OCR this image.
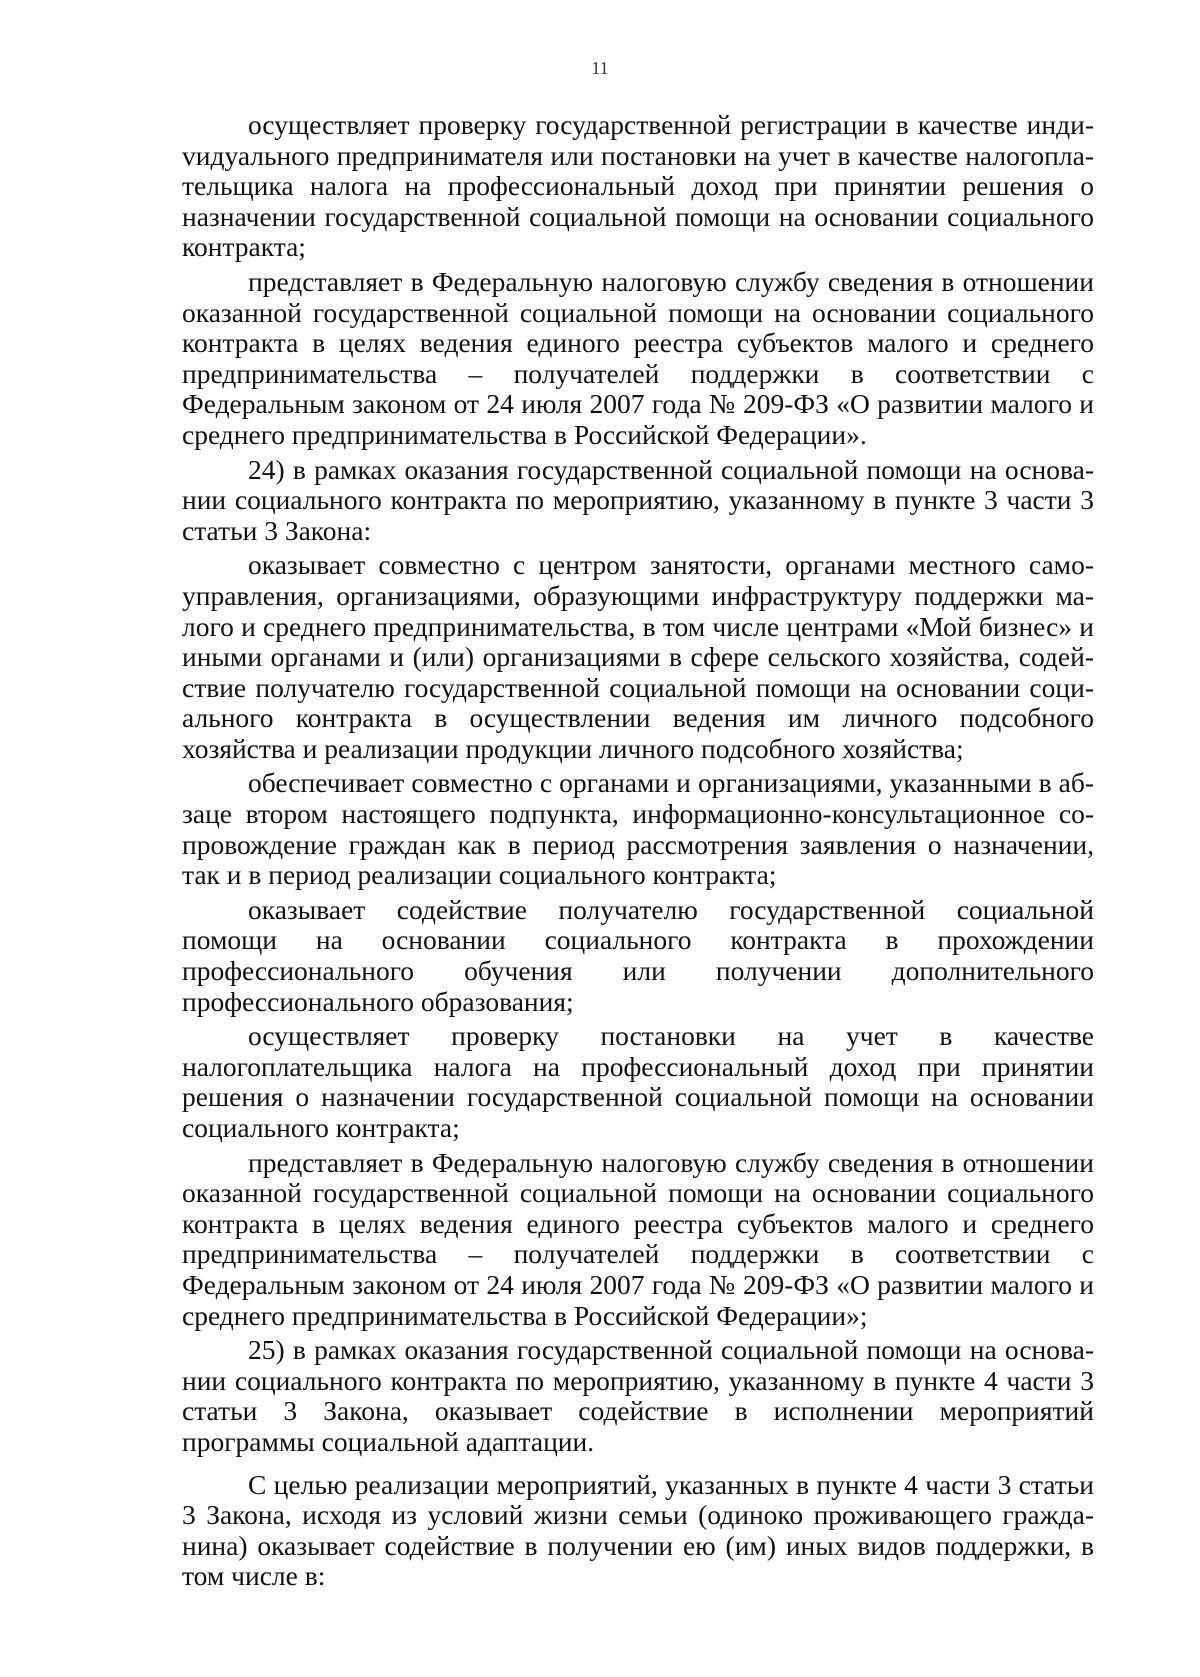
11

осуществляет проверку государственной регистрации в качестве индиvидуального предпринимателя или постановки на учет в качестве налогоплательщика налога на профессиональный доход при принятии решения о назначении государственной социальной помощи на основании социального контракта;

представляет в Федеральную налоговую службу сведения в отношении оказанной государственной социальной помощи на основании социального контракта в целях ведения единого реестра субъектов малого и среднего предпринимательства – получателей поддержки в соответствии с Федеральным законом от 24 июля 2007 года № 209-ФЗ «О развитии малого и среднего предпринимательства в Российской Федерации».

24) в рамках оказания государственной социальной помощи на основании социального контракта по мероприятию, указанному в пункте 3 части 3 статьи 3 Закона:

оказывает совместно с центром занятости, органами местного самоуправления, организациями, образующими инфраструктуру поддержки малого и среднего предпринимательства, в том числе центрами «Мой бизнес» и иными органами и (или) организациями в сфере сельского хозяйства, содействие получателю государственной социальной помощи на основании социального контракта в осуществлении ведения им личного подсобного хозяйства и реализации продукции личного подсобного хозяйства;

обеспечивает совместно с органами и организациями, указанными в абзаце втором настоящего подпункта, информационно-консультационное сопровождение граждан как в период рассмотрения заявления о назначении, так и в период реализации социального контракта;

оказывает содействие получателю государственной социальной помощи на основании социального контракта в прохождении профессионального обучения или получении дополнительного профессионального образования;

осуществляет проверку постановки на учет в качестве налогоплательщика налога на профессиональный доход при принятии решения о назначении государственной социальной помощи на основании социального контракта;

представляет в Федеральную налоговую службу сведения в отношении оказанной государственной социальной помощи на основании социального контракта в целях ведения единого реестра субъектов малого и среднего предпринимательства – получателей поддержки в соответствии с Федеральным законом от 24 июля 2007 года № 209-ФЗ «О развитии малого и среднего предпринимательства в Российской Федерации»;

25) в рамках оказания государственной социальной помощи на основании социального контракта по мероприятию, указанному в пункте 4 части 3 статьи 3 Закона, оказывает содействие в исполнении мероприятий программы социальной адаптации.

С целью реализации мероприятий, указанных в пункте 4 части 3 статьи 3 Закона, исходя из условий жизни семьи (одиноко проживающего гражданина) оказывает содействие в получении ею (им) иных видов поддержки, в том числе в:
